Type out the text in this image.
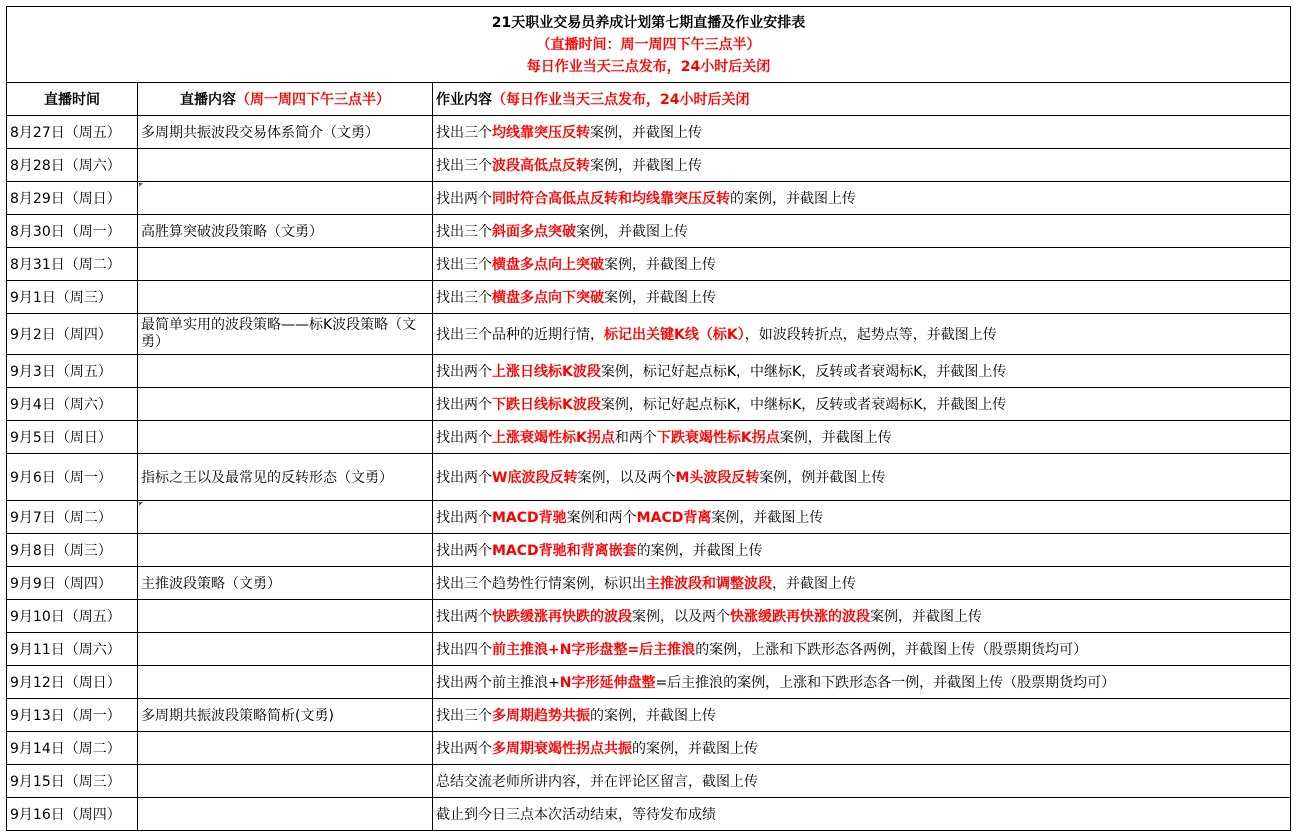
21天职业交易员养成计划第七期直播及作业安排表
（直播时间：周一周四下午三点半）
每日作业当天三点发布，24小时后关闭		

直播时间	直播内容（周一周四下午三点半）	作业内容（每日作业当天三点发布，24小时后关闭
8月27日（周五）	多周期共振波段交易体系简介（文勇）	找出三个均线靠突压反转案例，并截图上传
8月28日（周六）		找出三个波段高低点反转案例，并截图上传
8月29日（周日）		找出两个同时符合高低点反转和均线靠突压反转的案例，并截图上传
8月30日（周一）	高胜算突破波段策略（文勇）	找出三个斜面多点突破案例，并截图上传
8月31日（周二）		找出三个横盘多点向上突破案例，并截图上传
9月1日（周三）		找出三个横盘多点向下突破案例，并截图上传
9月2日（周四）	最简单实用的波段策略——标K波段策略（文勇）	找出三个品种的近期行情，标记出关键K线（标K），如波段转折点，起势点等，并截图上传
9月3日（周五）		找出两个上涨日线标K波段案例，标记好起点标K，中继标K，反转或者衰竭标K，并截图上传
9月4日（周六）		找出两个下跌日线标K波段案例，标记好起点标K，中继标K，反转或者衰竭标K，并截图上传
9月5日（周日）		找出两个上涨衰竭性标K拐点和两个下跌衰竭性标K拐点案例，并截图上传
9月6日（周一）	指标之王以及最常见的反转形态（文勇）	找出两个W底波段反转案例，以及两个M头波段反转案例，例并截图上传
9月7日（周二）		找出两个MACD背驰案例和两个MACD背离案例，并截图上传
9月8日（周三）		找出两个MACD背驰和背离嵌套的案例，并截图上传
9月9日（周四）	主推波段策略（文勇）	找出三个趋势性行情案例，标识出主推波段和调整波段，并截图上传
9月10日（周五）		找出两个快跌缓涨再快跌的波段案例，以及两个快涨缓跌再快涨的波段案例，并截图上传
9月11日（周六）		找出四个前主推浪+N字形盘整=后主推浪的案例，上涨和下跌形态各两例，并截图上传（股票期货均可）
9月12日（周日）		找出两个前主推浪+N字形延伸盘整=后主推浪的案例，上涨和下跌形态各一例，并截图上传（股票期货均可）
9月13日（周一）	多周期共振波段策略简析(文勇)	找出三个多周期趋势共振的案例，并截图上传
9月14日（周二）		找出两个多周期衰竭性拐点共振的案例，并截图上传
9月15日（周三）		总结交流老师所讲内容，并在评论区留言，截图上传
9月16日（周四）		截止到今日三点本次活动结束，等待发布成绩
